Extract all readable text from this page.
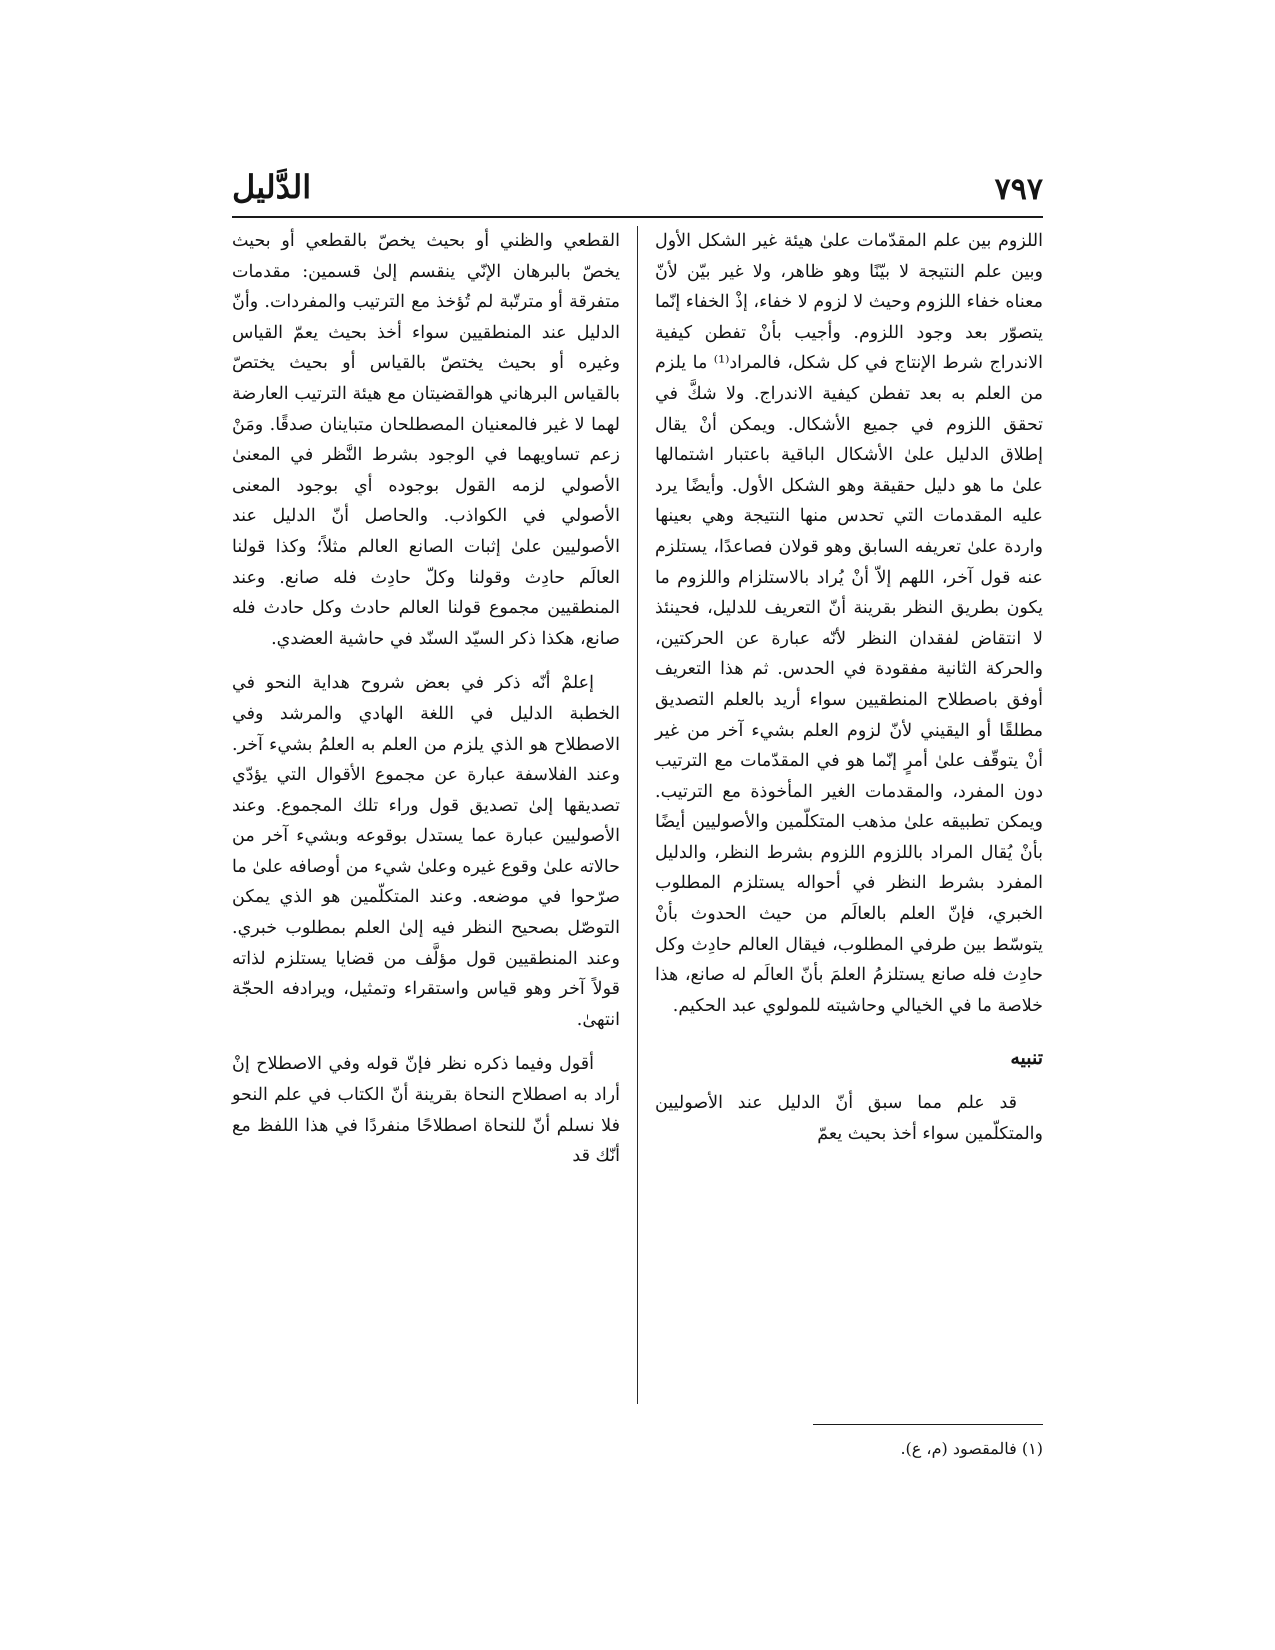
الدَّليل	٧٩٧

اللزوم بين علم المقدّمات علىٰ هيئة غير الشكل الأول وبين علم النتيجة لا بيّنًا وهو ظاهر، ولا غير بيّن لأنّ معناه خفاء اللزوم وحيث لا لزوم لا خفاء، إذْ الخفاء إنّما يتصوّر بعد وجود اللزوم. وأجيب بأنْ تفطن كيفية الاندراج شرط الإنتاج في كل شكل، فالمراد⁽¹⁾ ما يلزم من العلم به بعد تفطن كيفية الاندراج. ولا شكَّ في تحقق اللزوم في جميع الأشكال. ويمكن أنْ يقال إطلاق الدليل علىٰ الأشكال الباقية باعتبار اشتمالها علىٰ ما هو دليل حقيقة وهو الشكل الأول. وأيضًا يرد عليه المقدمات التي تحدس منها النتيجة وهي بعينها واردة علىٰ تعريفه السابق وهو قولان فصاعدًا، يستلزم عنه قول آخر، اللهم إلاّ أنْ يُراد بالاستلزام واللزوم ما يكون بطريق النظر بقرينة أنّ التعريف للدليل، فحينئذ لا انتقاض لفقدان النظر لأنّه عبارة عن الحركتين، والحركة الثانية مفقودة في الحدس. ثم هذا التعريف أوفق باصطلاح المنطقيين سواء أريد بالعلم التصديق مطلقًا أو اليقيني لأنّ لزوم العلم بشيء آخر من غير أنْ يتوقّف علىٰ أمرٍ إنّما هو في المقدّمات مع الترتيب دون المفرد، والمقدمات الغير المأخوذة مع الترتيب. ويمكن تطبيقه علىٰ مذهب المتكلّمين والأصوليين أيضًا بأنْ يُقال المراد باللزوم اللزوم بشرط النظر، والدليل المفرد بشرط النظر في أحواله يستلزم المطلوب الخبري، فإنّ العلم بالعالَم من حيث الحدوث بأنْ يتوسّط بين طرفي المطلوب، فيقال العالم حادِث وكل حادِث فله صانع يستلزمُ العلمَ بأنّ العالَم له صانع، هذا خلاصة ما في الخيالي وحاشيته للمولوي عبد الحكيم.

تنبيه

قد علم مما سبق أنّ الدليل عند الأصوليين والمتكلّمين سواء أخذ بحيث يعمّ

القطعي والظني أو بحيث يخصّ بالقطعي أو بحيث يخصّ بالبرهان الإنّي ينقسم إلىٰ قسمين: مقدمات متفرقة أو مترتّبة لم تُؤخذ مع الترتيب والمفردات. وأنّ الدليل عند المنطقيين سواء أخذ بحيث يعمّ القياس وغيره أو بحيث يختصّ بالقياس أو بحيث يختصّ بالقياس البرهاني هوالقضيتان مع هيئة الترتيب العارضة لهما لا غير فالمعنيان المصطلحان متباينان صدقًا. ومَنْ زعم تساويهما في الوجود بشرط النَّظر في المعنىٰ الأصولي لزمه القول بوجوده أي بوجود المعنى الأصولي في الكواذب. والحاصل أنّ الدليل عند الأصوليين علىٰ إثبات الصانع العالم مثلاً؛ وكذا قولنا العالَم حادِث وقولنا وكلّ حادِث فله صانع. وعند المنطقيين مجموع قولنا العالم حادث وكل حادث فله صانع، هكذا ذكر السيّد السنّد في حاشية العضدي.

إعلمْ أنّه ذكر في بعض شروح هداية النحو في الخطبة الدليل في اللغة الهادي والمرشد وفي الاصطلاح هو الذي يلزم من العلم به العلمُ بشيء آخر. وعند الفلاسفة عبارة عن مجموع الأقوال التي يؤدّي تصديقها إلىٰ تصديق قول وراء تلك المجموع. وعند الأصوليين عبارة عما يستدل بوقوعه وبشيء آخر من حالاته علىٰ وقوع غيره وعلىٰ شيء من أوصافه علىٰ ما صرّحوا في موضعه. وعند المتكلّمين هو الذي يمكن التوصّل بصحيح النظر فيه إلىٰ العلم بمطلوب خبري. وعند المنطقيين قول مؤلَّف من قضايا يستلزم لذاته قولاً آخر وهو قياس واستقراء وتمثيل، ويرادفه الحجّة انتهىٰ.

أقول وفيما ذكره نظر فإنّ قوله وفي الاصطلاح إنْ أراد به اصطلاح النحاة بقرينة أنّ الكتاب في علم النحو فلا نسلم أنّ للنحاة اصطلاحًا منفردًا في هذا اللفظ مع أنّك قد

(١) فالمقصود (م، ع).
